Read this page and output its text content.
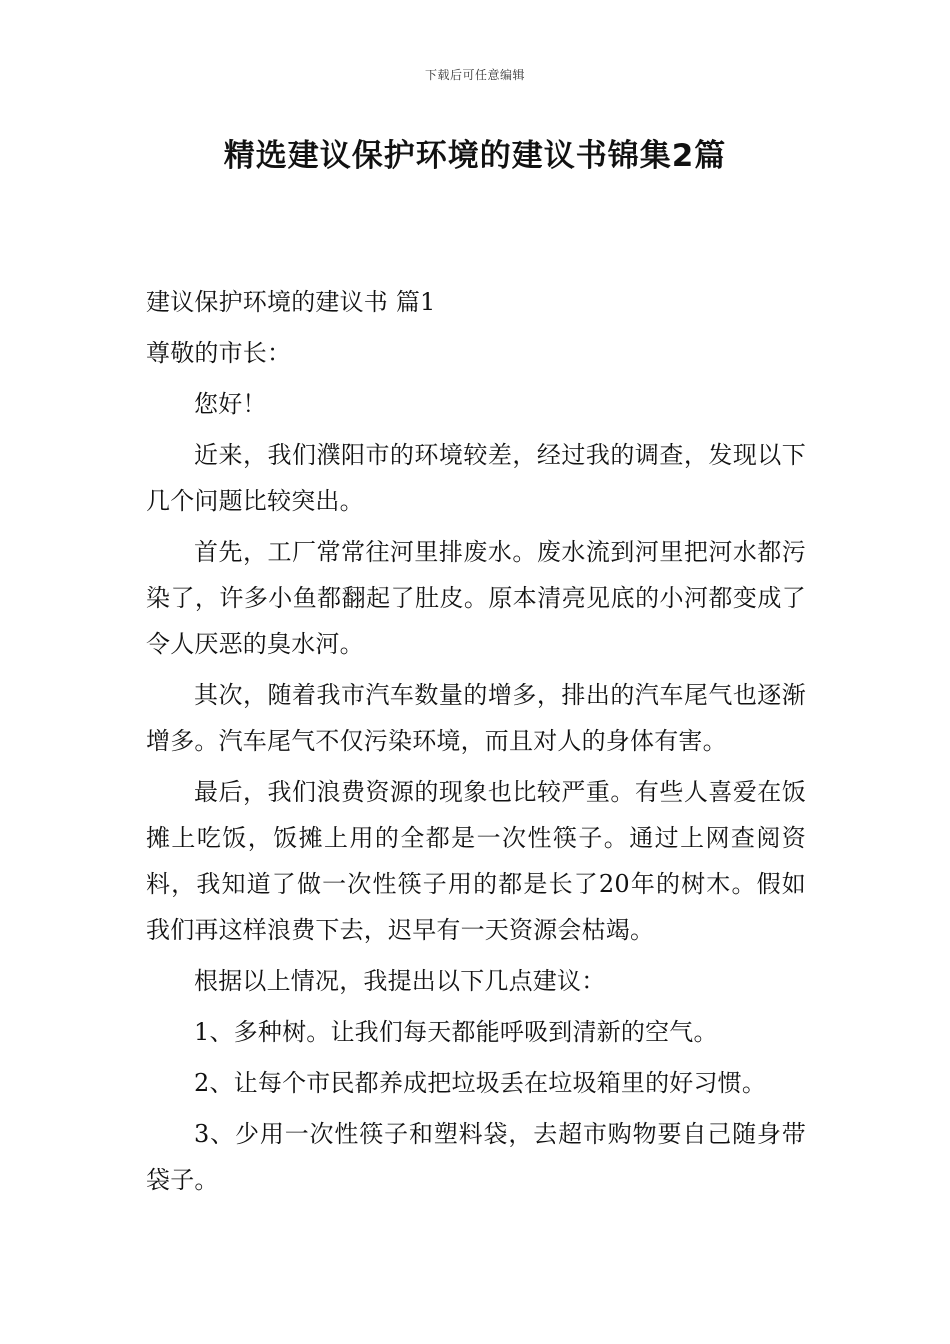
下载后可任意编辑
精选建议保护环境的建议书锦集2篇

建议保护环境的建议书 篇1

尊敬的市长：

您好！

近来，我们濮阳市的环境较差，经过我的调查，发现以下几个问题比较突出。

首先，工厂常常往河里排废水。废水流到河里把河水都污染了，许多小鱼都翻起了肚皮。原本清亮见底的小河都变成了令人厌恶的臭水河。

其次，随着我市汽车数量的增多，排出的汽车尾气也逐渐增多。汽车尾气不仅污染环境，而且对人的身体有害。

最后，我们浪费资源的现象也比较严重。有些人喜爱在饭摊上吃饭，饭摊上用的全都是一次性筷子。通过上网查阅资料，我知道了做一次性筷子用的都是长了20年的树木。假如我们再这样浪费下去，迟早有一天资源会枯竭。

根据以上情况，我提出以下几点建议：

1、多种树。让我们每天都能呼吸到清新的空气。

2、让每个市民都养成把垃圾丢在垃圾箱里的好习惯。

3、少用一次性筷子和塑料袋，去超市购物要自己随身带袋子。
